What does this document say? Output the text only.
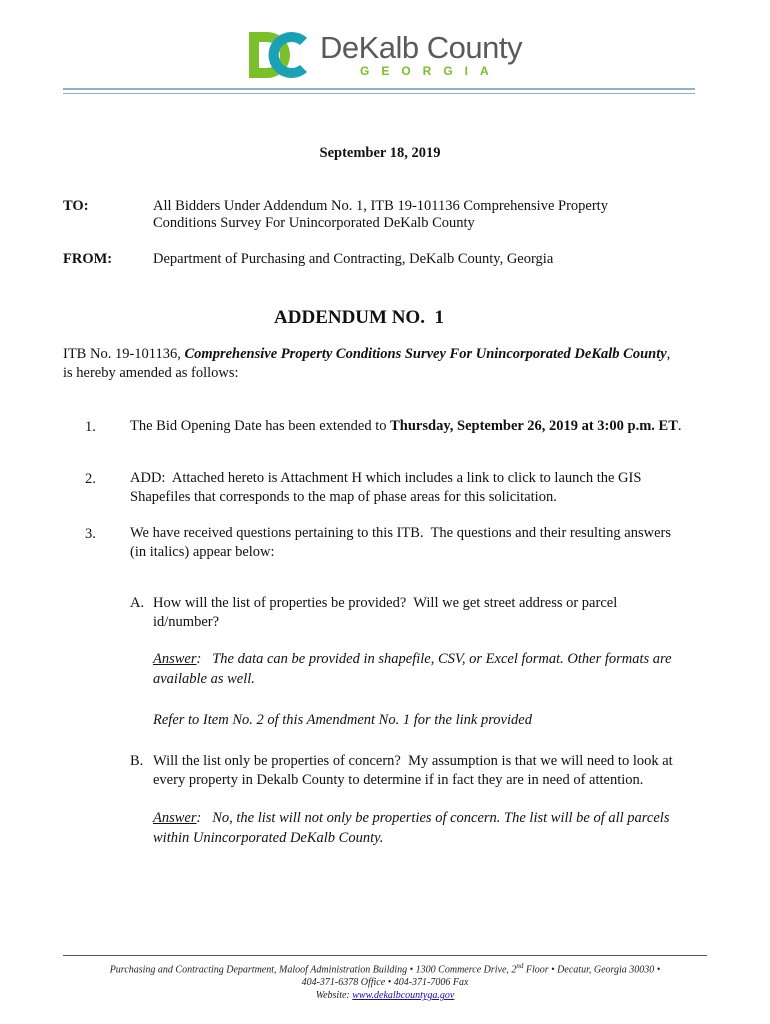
DeKalb County
GEORGIA
September 18, 2019
TO:	All Bidders Under Addendum No. 1, ITB 19-101136 Comprehensive Property
Conditions Survey For Unincorporated DeKalb County
FROM:	Department of Purchasing and Contracting, DeKalb County, Georgia
ADDENDUM NO.  1
ITB No. 19-101136, Comprehensive Property Conditions Survey For Unincorporated DeKalb County,
is hereby amended as follows:
1. The Bid Opening Date has been extended to Thursday, September 26, 2019 at 3:00 p.m. ET.
2. ADD:  Attached hereto is Attachment H which includes a link to click to launch the GIS
Shapefiles that corresponds to the map of phase areas for this solicitation.
3. We have received questions pertaining to this ITB.  The questions and their resulting answers
(in italics) appear below:
A. How will the list of properties be provided?  Will we get street address or parcel
id/number?
Answer:   The data can be provided in shapefile, CSV, or Excel format. Other formats are
available as well.
Refer to Item No. 2 of this Amendment No. 1 for the link provided
B. Will the list only be properties of concern?  My assumption is that we will need to look at
every property in Dekalb County to determine if in fact they are in need of attention.
Answer:   No, the list will not only be properties of concern. The list will be of all parcels
within Unincorporated DeKalb County.
Purchasing and Contracting Department, Maloof Administration Building • 1300 Commerce Drive, 2nd Floor • Decatur, Georgia 30030 •
404-371-6378 Office • 404-371-7006 Fax
Website: www.dekalbcountyga.gov
